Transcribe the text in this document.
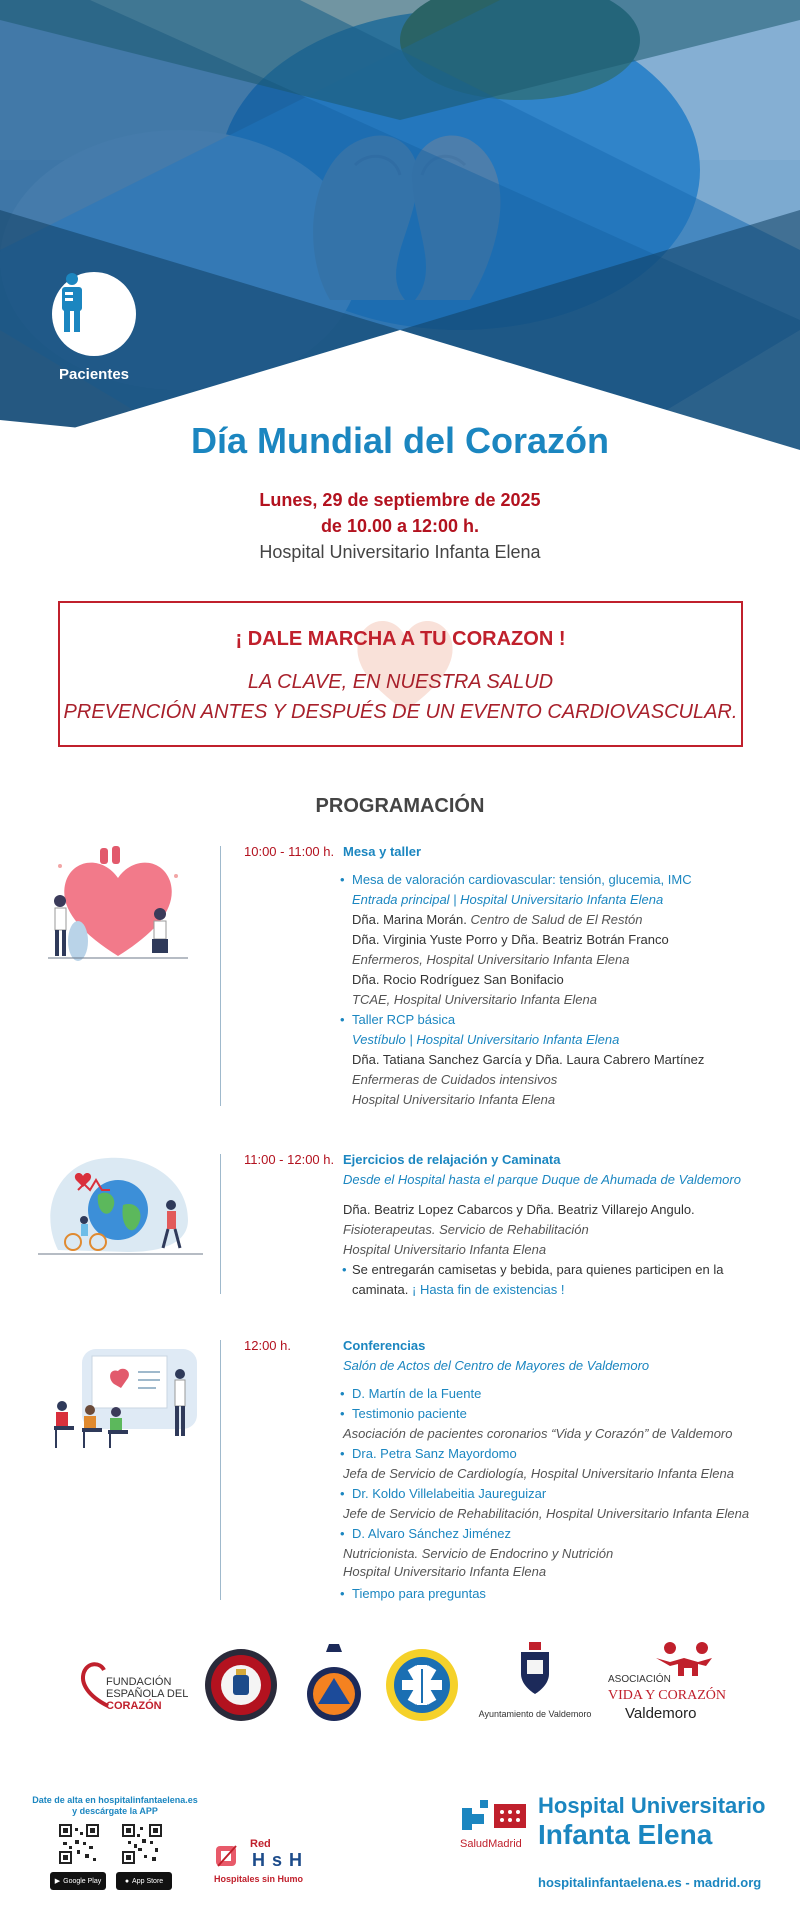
Pacientes
Día Mundial del Corazón
Lunes, 29 de septiembre de 2025
de 10.00 a 12:00 h.
Hospital Universitario Infanta Elena
¡ DALE MARCHA A TU CORAZON !
LA CLAVE, EN NUESTRA SALUD
PREVENCIÓN ANTES Y DESPUÉS DE UN EVENTO CARDIOVASCULAR.
PROGRAMACIÓN
10:00 - 11:00 h. Mesa y taller
• Mesa de valoración cardiovascular: tensión, glucemia, IMC
Entrada principal | Hospital Universitario Infanta Elena
Dña. Marina Morán. Centro de Salud de El Restón
Dña. Virginia Yuste Porro y Dña. Beatriz Botrán Franco
Enfermeros, Hospital Universitario Infanta Elena
Dña. Rocio Rodríguez San Bonifacio
TCAE, Hospital Universitario Infanta Elena
• Taller RCP básica
Vestíbulo | Hospital Universitario Infanta Elena
Dña. Tatiana Sanchez García y Dña. Laura Cabrero Martínez
Enfermeras de Cuidados intensivos
Hospital Universitario Infanta Elena
11:00 - 12:00 h. Ejercicios de relajación y Caminata
Desde el Hospital hasta el parque Duque de Ahumada de Valdemoro
Dña. Beatriz Lopez Cabarcos y Dña. Beatriz Villarejo Angulo.
Fisioterapeutas. Servicio de Rehabilitación
Hospital Universitario Infanta Elena
• Se entregarán camisetas y bebida, para quienes participen en la
caminata. ¡ Hasta fin de existencias !
12:00 h.	Conferencias
Salón de Actos del Centro de Mayores de Valdemoro
• D. Martín de la Fuente
• Testimonio paciente
Asociación de pacientes coronarios “Vida y Corazón” de Valdemoro
• Dra. Petra Sanz Mayordomo
Jefa de Servicio de Cardiología, Hospital Universitario Infanta Elena
• Dr. Koldo Villelabeitia Jaureguizar
Jefe de Servicio de Rehabilitación, Hospital Universitario Infanta Elena
• D. Alvaro Sánchez Jiménez
Nutricionista. Servicio de Endocrino y Nutrición
Hospital Universitario Infanta Elena
• Tiempo para preguntas
FUNDACIÓN
ESPAÑOLA DEL
CORAZÓN
Ayuntamiento de Valdemoro
ASOCIACIÓN
VIDA Y CORAZÓN
Valdemoro
Date de alta en hospitalinfantaelena.es
y descárgate la APP
▶ Google Play	● App Store
Red
H s H
Hospitales sin Humo
SaludMadrid
Hospital Universitario
Infanta Elena
hospitalinfantaelena.es - madrid.org
